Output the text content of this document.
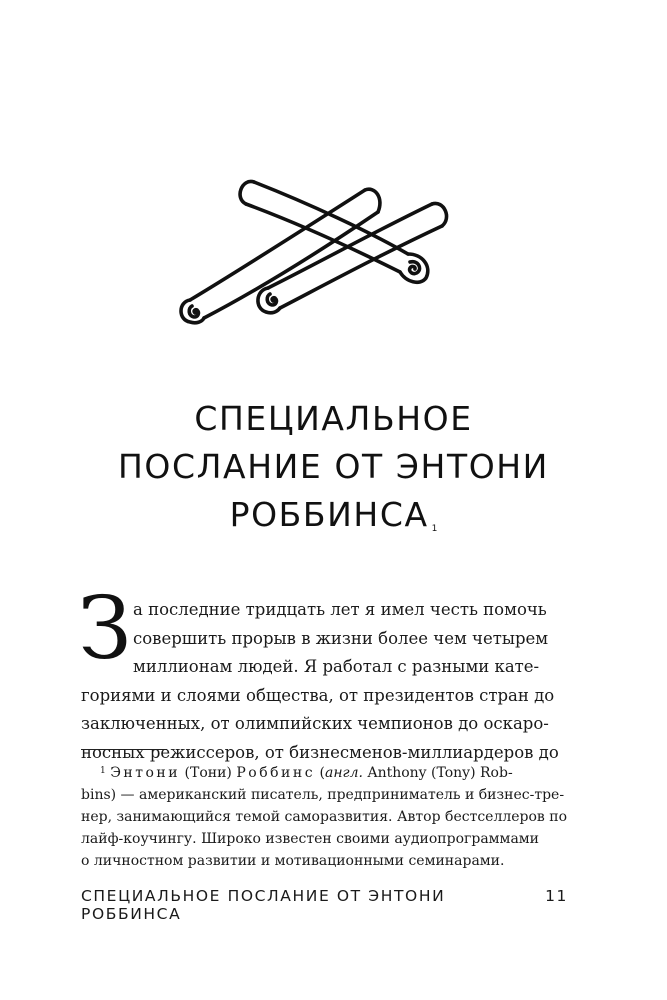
СПЕЦИАЛЬНОЕ
ПОСЛАНИЕ ОТ ЭНТОНИ
РОББИНСА $^1$
З а последние тридцать лет я имел честь помочь
совершить прорыв в жизни более чем четырем
миллионам людей. Я работал с разными кате-
гориями и слоями общества, от президентов стран до
заключенных, от олимпийских чемпионов до оскаро-
носных режиссеров, от бизнесменов-миллиардеров до
$^1$ Энтони (Тони) Роббинс (англ. Anthony (Tony) Rob-
bins) — американский писатель, предприниматель и бизнес-тре-
нер, занимающийся темой саморазвития. Автор бестселлеров по
лайф-коучингу. Широко известен своими аудиопрограммами
о личностном развитии и мотивационными семинарами.
СПЕЦИАЛЬНОЕ ПОСЛАНИЕ ОТ ЭНТОНИ РОББИНСА
11
